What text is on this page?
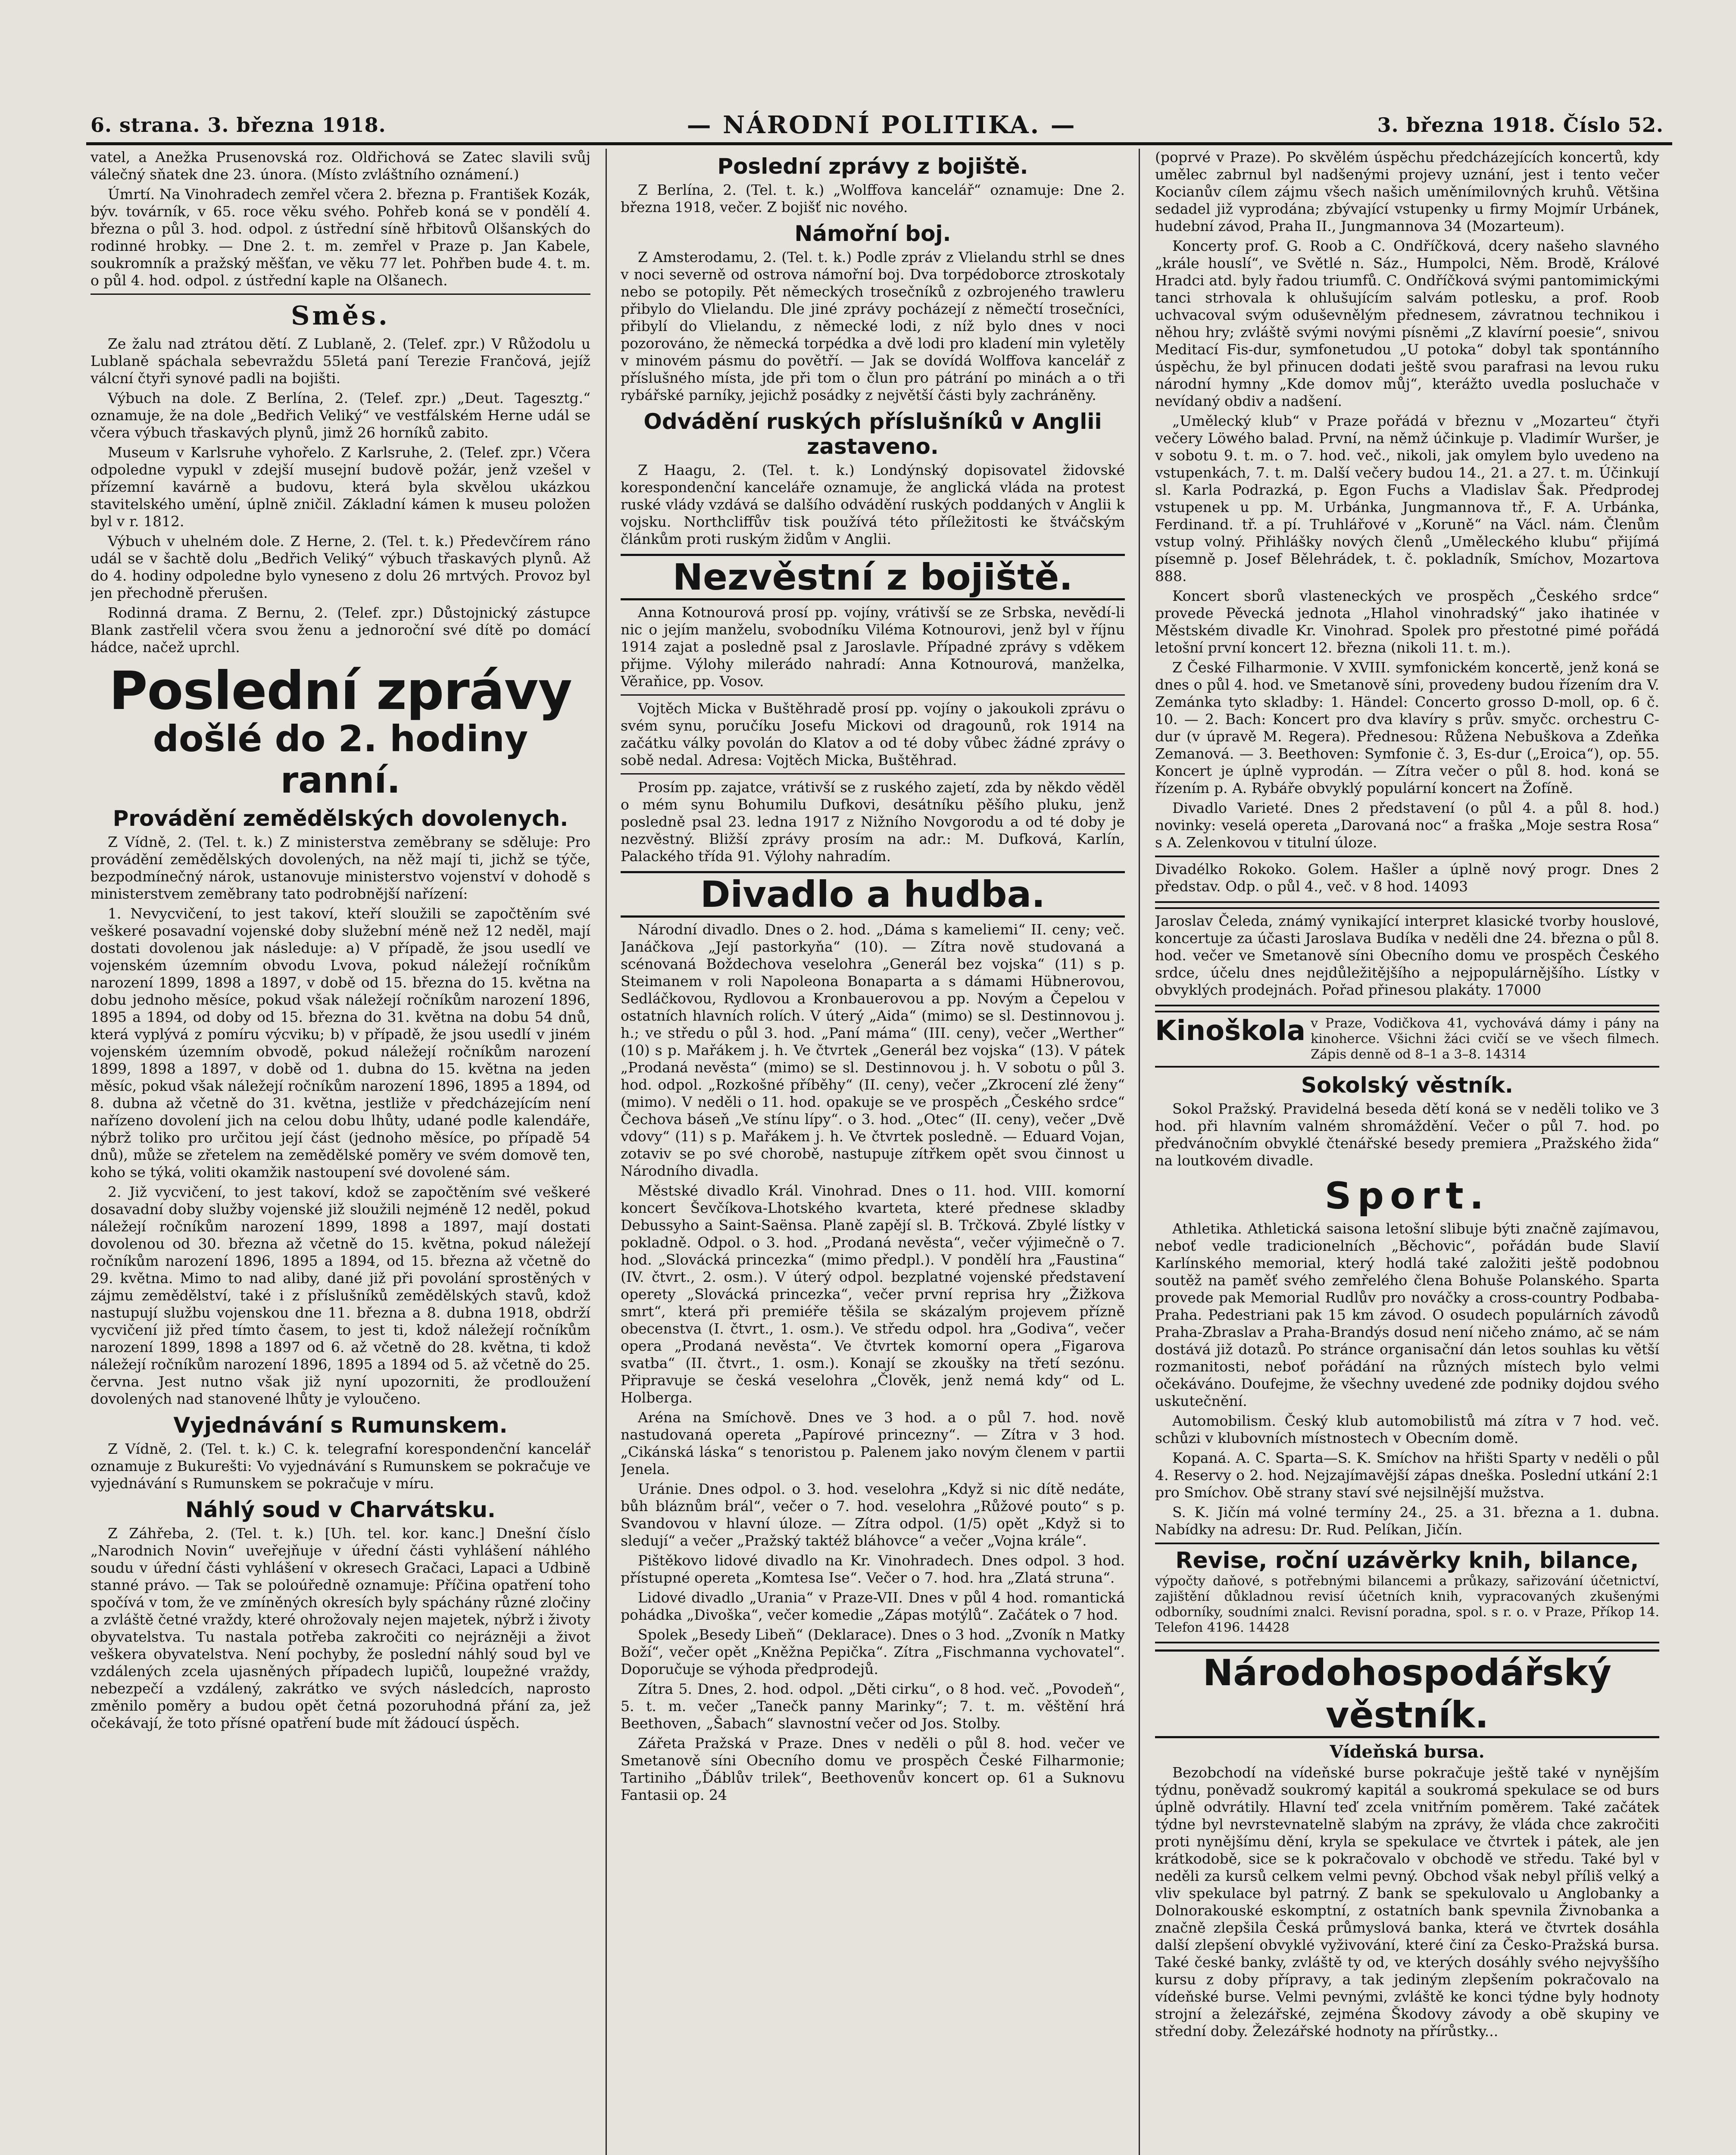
6. strana. 3. března 1918.	— NÁRODNÍ POLITIKA. —	3. března 1918. Číslo 52.

vatel, a Anežka Prusenovská roz. Oldřichová se Zatec slavili svůj válečný sňatek dne 23. února. (Místo zvláštního oznámení.)

Úmrtí. Na Vinohradech zemřel včera 2. března p. František Kozák, býv. továrník, v 65. roce věku svého. Pohřeb koná se v pondělí 4. března o půl 3. hod. odpol. z ústřední síně hřbitovů Olšanských do rodinné hrobky. — Dne 2. t. m. zemřel v Praze p. Jan Kabele, soukromník a pražský měšťan, ve věku 77 let. Pohřben bude 4. t. m. o půl 4. hod. odpol. z ústřední kaple na Olšanech.

Směs.

Ze žalu nad ztrátou dětí. Z Lublaně, 2. (Telef. zpr.) V Růžodolu u Lublaně spáchala sebevraždu 55letá paní Terezie Frančová, jejíž válcní čtyři synové padli na bojišti.

Výbuch na dole. Z Berlína, 2. (Telef. zpr.) „Deut. Tagesztg.“ oznamuje, že na dole „Bedřich Veliký“ ve vestfálském Herne udál se včera výbuch třaskavých plynů, jimž 26 horníků zabito.

Museum v Karlsruhe vyhořelo. Z Karlsruhe, 2. (Telef. zpr.) Včera odpoledne vypukl v zdejší musejní budově požár, jenž vzešel v přízemní kavárně a budovu, která byla skvělou ukázkou stavitelského umění, úplně zničil. Základní kámen k museu položen byl v r. 1812.

Výbuch v uhelném dole. Z Herne, 2. (Tel. t. k.) Předevčírem ráno udál se v šachtě dolu „Bedřich Veliký“ výbuch třaskavých plynů. Až do 4. hodiny odpoledne bylo vyneseno z dolu 26 mrtvých. Provoz byl jen přechodně přerušen.

Rodinná drama. Z Bernu, 2. (Telef. zpr.) Důstojnický zástupce Blank zastřelil včera svou ženu a jednoroční své dítě po domácí hádce, načež uprchl.

Poslední zprávy
došlé do 2. hodiny ranní.
Provádění zemědělských dovolenych.

Z Vídně, 2. (Tel. t. k.) Z ministerstva zeměbrany se sděluje: Pro provádění zemědělských dovolených, na něž mají ti, jichž se týče, bezpodmínečný nárok, ustanovuje ministerstvo vojenství v dohodě s ministerstvem zeměbrany tato podrobnější nařízení:

1. Nevycvičení, to jest takoví, kteří sloužili se započtěním své veškeré posavadní vojenské doby služební méně než 12 neděl, mají dostati dovolenou jak následuje: a) V případě, že jsou usedlí ve vojenském územním obvodu Lvova, pokud náležejí ročníkům narození 1899, 1898 a 1897, v době od 15. března do 15. května na dobu jednoho měsíce, pokud však náležejí ročníkům narození 1896, 1895 a 1894, od doby od 15. března do 31. května na dobu 54 dnů, která vyplývá z pomíru výcviku; b) v případě, že jsou usedlí v jiném vojenském územním obvodě, pokud náležejí ročníkům narození 1899, 1898 a 1897, v době od 1. dubna do 15. května na jeden měsíc, pokud však náležejí ročníkům narození 1896, 1895 a 1894, od 8. dubna až včetně do 31. května, jestliže v předcházejícím není nařízeno dovolení jich na celou dobu lhůty, udané podle kalendáře, nýbrž toliko pro určitou její část (jednoho měsíce, po případě 54 dnů), může se zřetelem na zemědělské poměry ve svém domově ten, koho se týká, voliti okamžik nastoupení své dovolené sám.

2. Již vycvičení, to jest takoví, kdož se započtěním své veškeré dosavadní doby služby vojenské již sloužili nejméně 12 neděl, pokud náležejí ročníkům narození 1899, 1898 a 1897, mají dostati dovolenou od 30. března až včetně do 15. května, pokud náležejí ročníkům narození 1896, 1895 a 1894, od 15. března až včetně do 29. května. Mimo to nad aliby, dané již při povolání sprostěných v zájmu zemědělství, také i z příslušníků zemědělských stavů, kdož nastupují službu vojenskou dne 11. března a 8. dubna 1918, obdrží vycvičení již před tímto časem, to jest ti, kdož náležejí ročníkům narození 1899, 1898 a 1897 od 6. až včetně do 28. května, ti kdož náležejí ročníkům narození 1896, 1895 a 1894 od 5. až včetně do 25. června. Jest nutno však již nyní upozorniti, že prodloužení dovolených nad stanovené lhůty je vyloučeno.

Vyjednávání s Rumunskem.

Z Vídně, 2. (Tel. t. k.) C. k. telegrafní korespondenční kancelář oznamuje z Bukurešti: Vo vyjednávání s Rumunskem se pokračuje ve vyjednávání s Rumunskem se pokračuje v míru.

Náhlý soud v Charvátsku.

Z Záhřeba, 2. (Tel. t. k.) [Uh. tel. kor. kanc.] Dnešní číslo „Narodnich Novin“ uveřejňuje v úřední části vyhlášení náhlého soudu v úřední části vyhlášení v okresech Gračaci, Lapaci a Udbině stanné právo. — Tak se poloúředně oznamuje: Příčina opatření toho spočívá v tom, že ve zmíněných okresích byly spáchány různé zločiny a zvláště četné vraždy, které ohrožovaly nejen majetek, nýbrž i životy obyvatelstva. Tu nastala potřeba zakročiti co nejrázněji a život veškera obyvatelstva. Není pochyby, že poslední náhlý soud byl ve vzdálených zcela ujasněných případech lupičů, loupežné vraždy, nebezpečí a vzdálený, zakrátko ve svých následcích, naprosto změnilo poměry a budou opět četná pozoruhodná přání za, jež očekávají, že toto přísné opatření bude mít žádoucí úspěch.

Poslední zprávy z bojiště.

Z Berlína, 2. (Tel. t. k.) „Wolffova kancelář“ oznamuje: Dne 2. března 1918, večer. Z bojišť nic nového.

Námořní boj.

Z Amsterodamu, 2. (Tel. t. k.) Podle zpráv z Vlielandu strhl se dnes v noci severně od ostrova námořní boj. Dva torpédoborce ztroskotaly nebo se potopily. Pět německých trosečníků z ozbrojeného trawleru přibylo do Vlielandu. Dle jiné zprávy pocházejí z němečtí trosečníci, přibylí do Vlielandu, z německé lodi, z níž bylo dnes v noci pozorováno, že německá torpédka a dvě lodi pro kladení min vyletěly v minovém pásmu do povětří. — Jak se dovídá Wolffova kancelář z příslušného místa, jde při tom o člun pro pátrání po minách a o tři rybářské parníky, jejichž posádky z největší části byly zachráněny.

Odvádění ruských příslušníků v Anglii zastaveno.

Z Haagu, 2. (Tel. t. k.) Londýnský dopisovatel židovské korespondenční kanceláře oznamuje, že anglická vláda na protest ruské vlády vzdává se dalšího odvádění ruských poddaných v Anglii k vojsku. Northcliffův tisk používá této příležitosti ke štváčským článkům proti ruským židům v Anglii.

Nezvěstní z bojiště.

Anna Kotnourová prosí pp. vojíny, vrátivší se ze Srbska, nevědí-li nic o jejím manželu, svobodníku Viléma Kotnourovi, jenž byl v říjnu 1914 zajat a posledně psal z Jaroslavle. Případné zprávy s vděkem přijme. Výlohy milerádo nahradí: Anna Kotnourová, manželka, Věraňice, pp. Vosov.

Vojtěch Micka v Buštěhradě prosí pp. vojíny o jakoukoli zprávu o svém synu, poručíku Josefu Mickovi od dragounů, rok 1914 na začátku války povolán do Klatov a od té doby vůbec žádné zprávy o sobě nedal. Adresa: Vojtěch Micka, Buštěhrad.

Prosím pp. zajatce, vrátivší se z ruského zajetí, zda by někdo věděl o mém synu Bohumilu Dufkovi, desátníku pěšího pluku, jenž posledně psal 23. ledna 1917 z Nižního Novgorodu a od té doby je nezvěstný. Bližší zprávy prosím na adr.: M. Dufková, Karlín, Palackého třída 91. Výlohy nahradím.

Divadlo a hudba.

Národní divadlo. Dnes o 2. hod. „Dáma s kameliemi“ II. ceny; več. Janáčkova „Její pastorkyňa“ (10). — Zítra nově studovaná a scénovaná Boždechova veselohra „Generál bez vojska“ (11) s p. Steimanem v roli Napoleona Bonaparta a s dámami Hübnerovou, Sedláčkovou, Rydlovou a Kronbauerovou a pp. Novým a Čepelou v ostatních hlavních rolích. V úterý „Aida“ (mimo) se sl. Destinnovou j. h.; ve středu o půl 3. hod. „Paní máma“ (III. ceny), večer „Werther“ (10) s p. Mařákem j. h. Ve čtvrtek „Generál bez vojska“ (13). V pátek „Prodaná nevěsta“ (mimo) se sl. Destinnovou j. h. V sobotu o půl 3. hod. odpol. „Rozkošné příběhy“ (II. ceny), večer „Zkrocení zlé ženy“ (mimo). V neděli o 11. hod. opakuje se ve prospěch „Českého srdce“ Čechova báseň „Ve stínu lípy“. o 3. hod. „Otec“ (II. ceny), večer „Dvě vdovy“ (11) s p. Mařákem j. h. Ve čtvrtek posledně. — Eduard Vojan, zotaviv se po své chorobě, nastupuje zítřkem opět svou činnost u Národního divadla.

Městské divadlo Král. Vinohrad. Dnes o 11. hod. VIII. komorní koncert Ševčíkova-Lhotského kvarteta, které přednese skladby Debussyho a Saint-Saënsa. Planě zapějí sl. B. Trčková. Zbylé lístky v pokladně. Odpol. o 3. hod. „Prodaná nevěsta“, večer výjimečně o 7. hod. „Slovácká princezka“ (mimo předpl.). V pondělí hra „Faustina“ (IV. čtvrt., 2. osm.). V úterý odpol. bezplatné vojenské představení operety „Slovácká princezka“, večer první reprisa hry „Žižkova smrt“, která při premiéře těšila se skázalým projevem přízně obecenstva (I. čtvrt., 1. osm.). Ve středu odpol. hra „Godiva“, večer opera „Prodaná nevěsta“. Ve čtvrtek komorní opera „Figarova svatba“ (II. čtvrt., 1. osm.). Konají se zkoušky na třetí sezónu. Připravuje se česká veselohra „Člověk, jenž nemá kdy“ od L. Holberga.

Aréna na Smíchově. Dnes ve 3 hod. a o půl 7. hod. nově nastudovaná opereta „Papírové princezny“. — Zítra v 3 hod. „Cikánská láska“ s tenoristou p. Palenem jako novým členem v partii Jenela.

Uránie. Dnes odpol. o 3. hod. veselohra „Když si nic dítě nedáte, bůh bláznům brál“, večer o 7. hod. veselohra „Růžové pouto“ s p. Svandovou v hlavní úloze. — Zítra odpol. (1/5) opět „Když si to sledují“ a večer „Pražský taktéž bláhovce“ a večer „Vojna krále“.

Pištěkovo lidové divadlo na Kr. Vinohradech. Dnes odpol. 3 hod. přístupné opereta „Komtesa Ise“. Večer o 7. hod. hra „Zlatá struna“.

Lidové divadlo „Urania“ v Praze-VII. Dnes v půl 4 hod. romantická pohádka „Divoška“, večer komedie „Zápas motýlů“. Začátek o 7 hod.

Spolek „Besedy Libeň“ (Deklarace). Dnes o 3 hod. „Zvoník n Matky Boží“, večer opět „Kněžna Pepička“. Zítra „Fischmanna vychovatel“. Doporučuje se výhoda předprodejů.

Zítra 5. Dnes, 2. hod. odpol. „Děti cirku“, o 8 hod. več. „Povodeň“, 5. t. m. večer „Tanečk panny Marinky“; 7. t. m. věštění hrá Beethoven, „Šabach“ slavnostní večer od Jos. Stolby.

Zářeta Pražská v Praze. Dnes v neděli o půl 8. hod. večer ve Smetanově síni Obecního domu ve prospěch České Filharmonie; Tartiniho „Ďáblův trilek“, Beethovenův koncert op. 61 a Suknovu Fantasii op. 24

(poprvé v Praze). Po skvělém úspěchu předcházejících koncertů, kdy umělec zabrnul byl nadšenými projevy uznání, jest i tento večer Kocianův cílem zájmu všech našich uměnímilovných kruhů. Většina sedadel již vyprodána; zbývající vstupenky u firmy Mojmír Urbánek, hudební závod, Praha II., Jungmannova 34 (Mozarteum).

Koncerty prof. G. Roob a C. Ondříčková, dcery našeho slavného „krále houslí“, ve Světlé n. Sáz., Humpolci, Něm. Brodě, Králové Hradci atd. byly řadou triumfů. C. Ondříčková svými pantomimickými tanci strhovala k ohlušujícím salvám potlesku, a prof. Roob uchvacoval svým oduševnělým přednesem, závratnou technikou i něhou hry; zvláště svými novými písněmi „Z klavírní poesie“, snivou Meditací Fis-dur, symfonetudou „U potoka“ dobyl tak spontánního úspěchu, že byl přinucen dodati ještě svou parafrasi na levou ruku národní hymny „Kde domov můj“, kterážto uvedla posluchače v nevídaný obdiv a nadšení.

„Umělecký klub“ v Praze pořádá v březnu v „Mozarteu“ čtyři večery Löwého balad. První, na němž účinkuje p. Vladimír Wuršer, je v sobotu 9. t. m. o 7. hod. več., nikoli, jak omylem bylo uvedeno na vstupenkách, 7. t. m. Další večery budou 14., 21. a 27. t. m. Účinkují sl. Karla Podrazká, p. Egon Fuchs a Vladislav Šak. Předprodej vstupenek u pp. M. Urbánka, Jungmannova tř., F. A. Urbánka, Ferdinand. tř. a pí. Truhlářové v „Koruně“ na Václ. nám. Členům vstup volný. Přihlášky nových členů „Uměleckého klubu“ přijímá písemně p. Josef Bělehrádek, t. č. pokladník, Smíchov, Mozartova 888.

Koncert sborů vlasteneckých ve prospěch „Českého srdce“ provede Pěvecká jednota „Hlahol vinohradský“ jako ihatinée v Městském divadle Kr. Vinohrad. Spolek pro přestotné pimé pořádá letošní první koncert 12. března (nikoli 11. t. m.).

Z České Filharmonie. V XVIII. symfonickém koncertě, jenž koná se dnes o půl 4. hod. ve Smetanově síni, provedeny budou řízením dra V. Zemánka tyto skladby: 1. Händel: Concerto grosso D-moll, op. 6 č. 10. — 2. Bach: Koncert pro dva klavíry s prův. smyčc. orchestru C-dur (v úpravě M. Regera). Přednesou: Růžena Nebuškova a Zdeňka Zemanová. — 3. Beethoven: Symfonie č. 3, Es-dur („Eroica“), op. 55. Koncert je úplně vyprodán. — Zítra večer o půl 8. hod. koná se řízením p. A. Rybáře obvyklý populární koncert na Žofíně.

Divadlo Varieté. Dnes 2 představení (o půl 4. a půl 8. hod.) novinky: veselá opereta „Darovaná noc“ a fraška „Moje sestra Rosa“ s A. Zelenkovou v titulní úloze.

Divadélko Rokoko. Golem. Hašler a úplně nový progr. Dnes 2 představ. Odp. o půl 4., več. v 8 hod. 14093

Jaroslav Čeleda, známý vynikající interpret klasické tvorby houslové, koncertuje za účasti Jaroslava Budíka v neděli dne 24. března o půl 8. hod. večer ve Smetanově síni Obecního domu ve prospěch Českého srdce, účelu dnes nejdůležitějšího a nejpopulárnějšího. Lístky v obvyklých prodejnách. Pořad přinesou plakáty. 17000

Kinoškola v Praze, Vodičkova 41, vychovává dámy i pány na kinoherce. Všichni žáci cvičí se ve všech filmech. Zápis denně od 8–1 a 3–8. 14314
Sokolský věstník.

Sokol Pražský. Pravidelná beseda dětí koná se v neděli toliko ve 3 hod. při hlavním valném shromáždění. Večer o půl 7. hod. po předvánočním obvyklé čtenářské besedy premiera „Pražského žida“ na loutkovém divadle.

Sport.

Athletika. Athletická saisona letošní slibuje býti značně zajímavou, neboť vedle tradicionelních „Běchovic“, pořádán bude Slavií Karlínského memorial, který hodlá také založiti ještě podobnou soutěž na paměť svého zemřelého člena Bohuše Polanského. Sparta provede pak Memorial Rudlův pro nováčky a cross-country Podbaba-Praha. Pedestriani pak 15 km závod. O osudech populárních závodů Praha-Zbraslav a Praha-Brandýs dosud není ničeho známo, ač se nám dostává již dotazů. Po stránce organisační dán letos souhlas ku větší rozmanitosti, neboť pořádání na různých místech bylo velmi očekáváno. Doufejme, že všechny uvedené zde podniky dojdou svého uskutečnění.

Automobilism. Český klub automobilistů má zítra v 7 hod. več. schůzi v klubovních místnostech v Obecním domě.

Kopaná. A. C. Sparta—S. K. Smíchov na hřišti Sparty v neděli o půl 4. Reservy o 2. hod. Nejzajímavější zápas dneška. Poslední utkání 2:1 pro Smíchov. Obě strany staví své nejsilnější mužstva.

S. K. Jičín má volné termíny 24., 25. a 31. března a 1. dubna. Nabídky na adresu: Dr. Rud. Pelíkan, Jičín.

Revise, roční uzávěrky knih, bilance,

výpočty daňové, s potřebnými bilancemi a průkazy, sařizování účetnictví, zajištění důkladnou revisí účetních knih, vypracovaných zkušenými odborníky, soudními znalci. Revisní poradna, spol. s r. o. v Praze, Příkop 14. Telefon 4196. 14428

Národohospodářský věstník.
Vídeňská bursa.

Bezobchodí na vídeňské burse pokračuje ještě také v nynějším týdnu, poněvadž soukromý kapitál a soukromá spekulace se od burs úplně odvrátily. Hlavní teď zcela vnitřním poměrem. Také začátek týdne byl nevrstevnatelně slabým na zprávy, že vláda chce zakročiti proti nynějšímu dění, kryla se spekulace ve čtvrtek i pátek, ale jen krátkodobě, sice se k pokračovalo v obchodě ve středu. Také byl v neděli za kursů celkem velmi pevný. Obchod však nebyl příliš velký a vliv spekulace byl patrný. Z bank se spekulovalo u Anglobanky a Dolnorakouské eskomptní, z ostatních bank spevnila Živnobanka a značně zlepšila Česká průmyslová banka, která ve čtvrtek dosáhla další zlepšení obvyklé vyživování, které činí za Česko-Pražská bursa. Také české banky, zvláště ty od, ve kterých dosáhly svého nejvyššího kursu z doby přípravy, a tak jediným zlepšením pokračovalo na vídeňské burse. Velmi pevnými, zvláště ke konci týdne byly hodnoty strojní a železářské, zejména Škodovy závody a obě skupiny ve střední doby. Železářské hodnoty na přírůstky...
